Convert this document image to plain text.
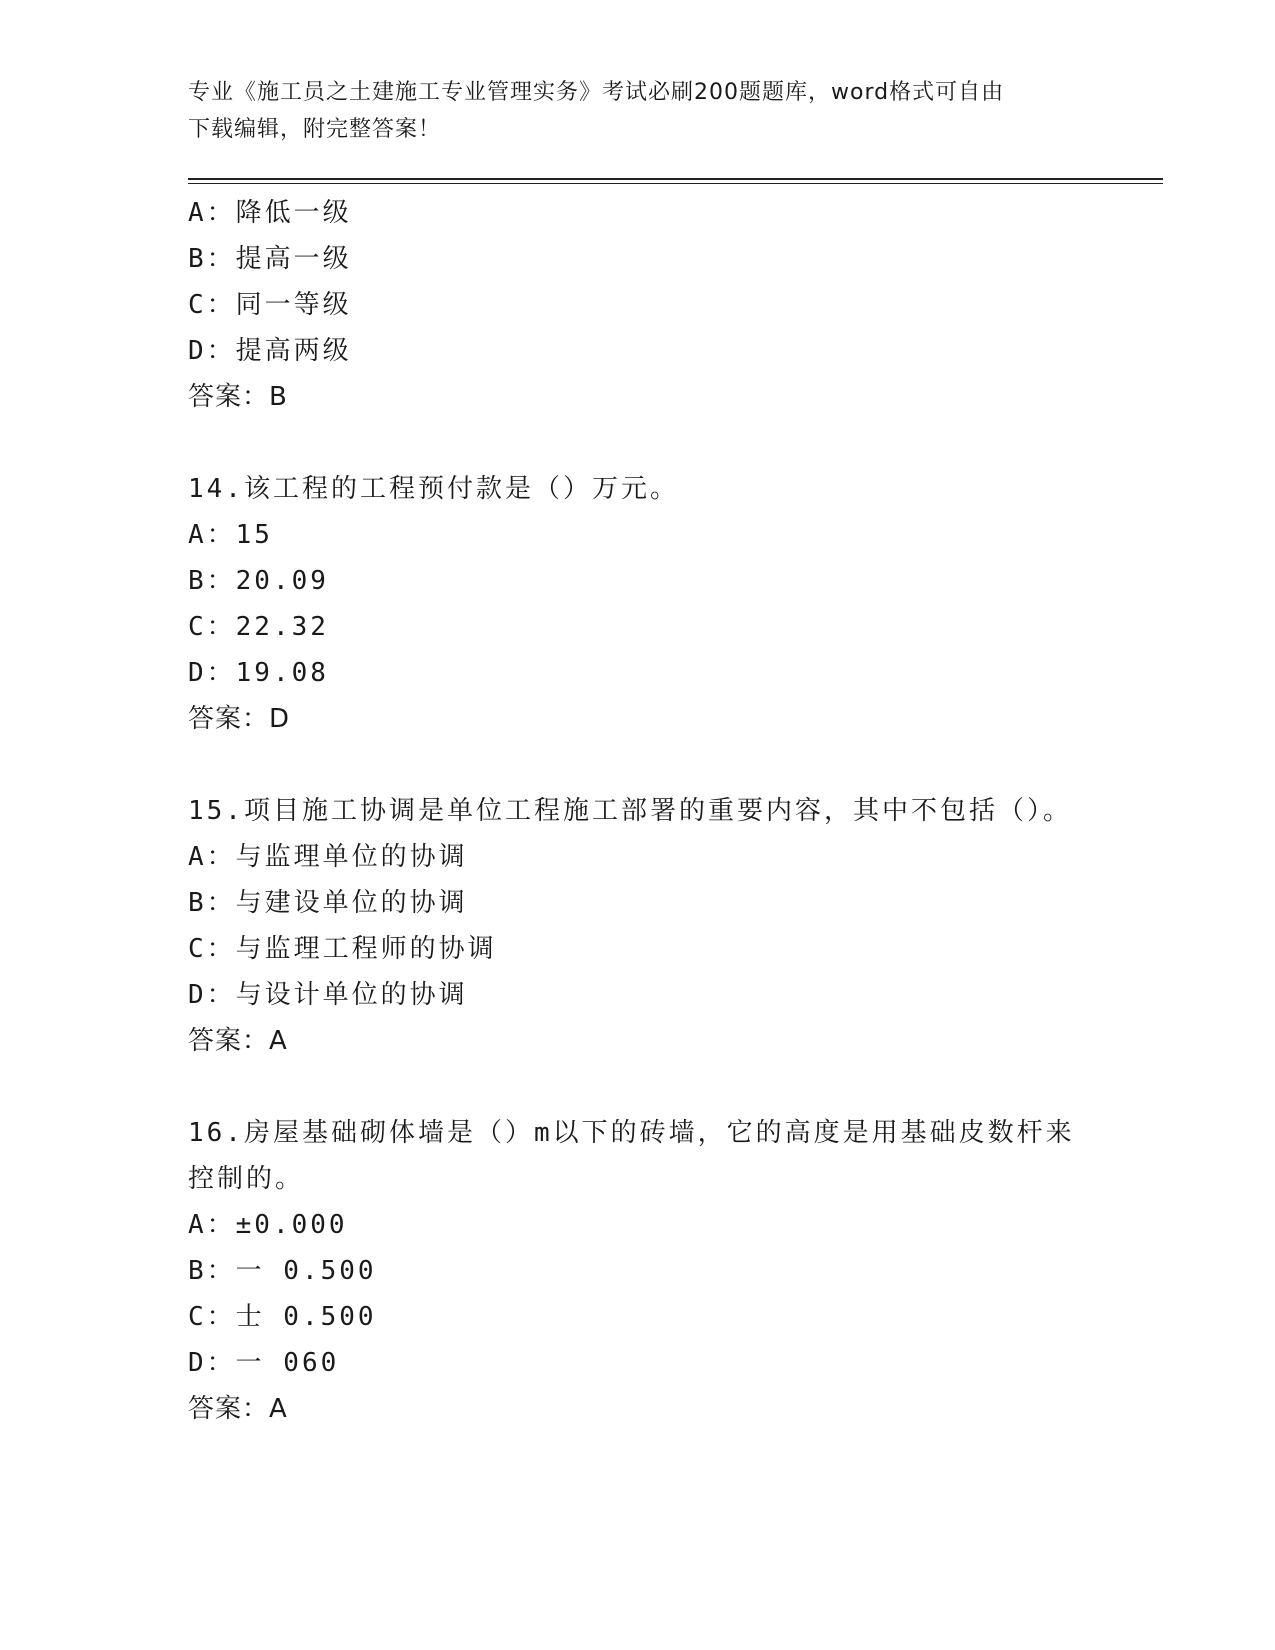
专业《施工员之土建施工专业管理实务》考试必刷200题题库，word格式可自由
下载编辑，附完整答案！
A：降低一级
B：提高一级
C：同一等级
D：提高两级
答案：B
14.该工程的工程预付款是（）万元。
A：15
B：20.09
C：22.32
D：19.08
答案：D
15.项目施工协调是单位工程施工部署的重要内容，其中不包括（）。
A：与监理单位的协调
B：与建设单位的协调
C：与监理工程师的协调
D：与设计单位的协调
答案：A
16.房屋基础砌体墙是（）m以下的砖墙，它的高度是用基础皮数杆来
控制的。
A：±0.000
B：一 0.500
C：士 0.500
D：一 060
答案：A
